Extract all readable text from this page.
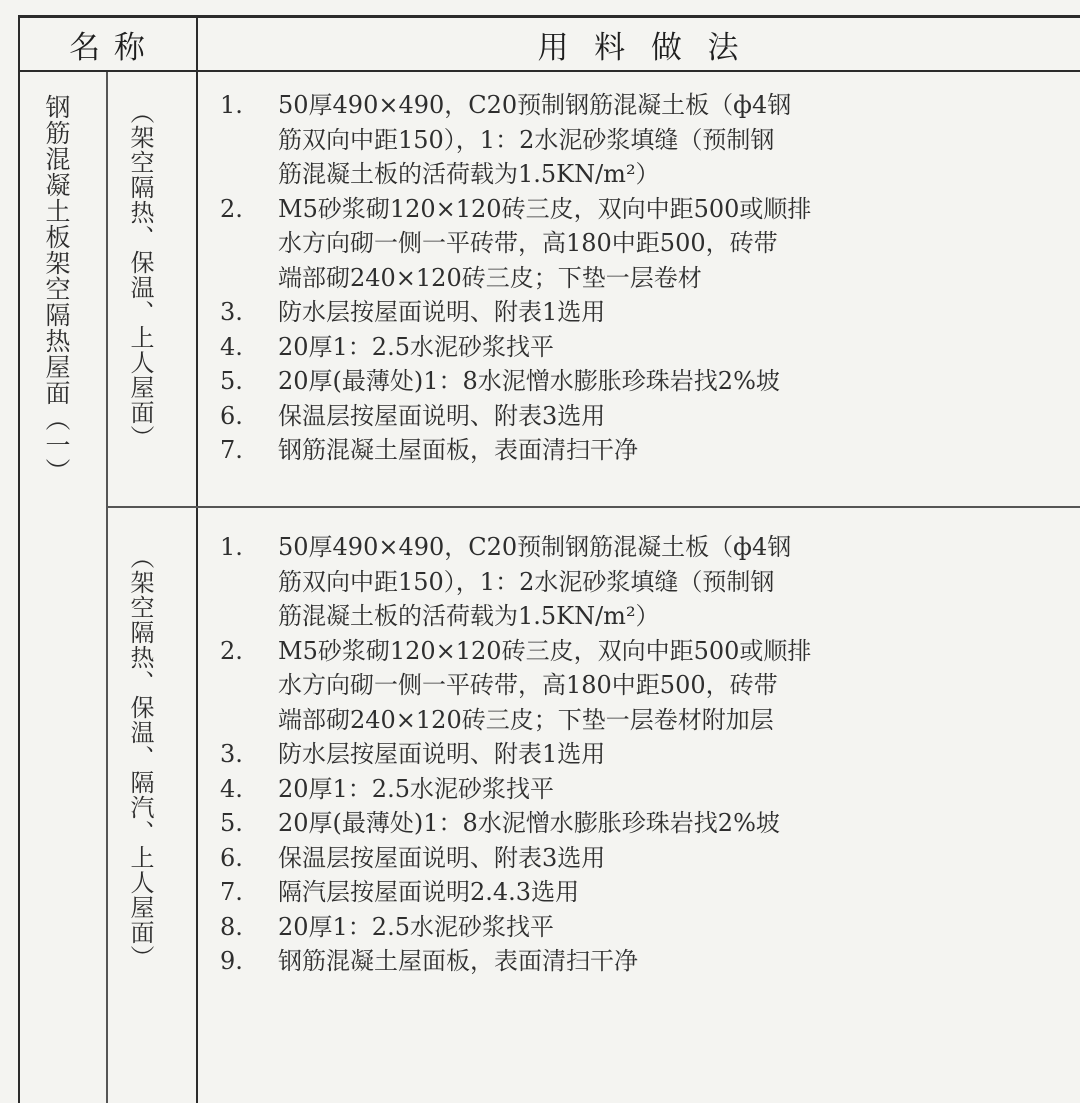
名 称	用  料  做  法
钢筋混凝土板架空隔热屋面（一） （架空隔热、保温、上人屋面）	1.	50厚490×490，C20预制钢筋混凝土板（ф4钢
筋双向中距150），1：2水泥砂浆填缝（预制钢
筋混凝土板的活荷载为1.5KN/m²）
2.	M5砂浆砌120×120砖三皮，双向中距500或顺排
水方向砌一侧一平砖带，高180中距500，砖带
端部砌240×120砖三皮；下垫一层卷材
3.	防水层按屋面说明、附表1选用
4.	20厚1：2.5水泥砂浆找平
5.	20厚(最薄处)1：8水泥憎水膨胀珍珠岩找2%坡
6.	保温层按屋面说明、附表3选用
7.	钢筋混凝土屋面板，表面清扫干净
（架空隔热、保温、隔汽、上人屋面）	1.	50厚490×490，C20预制钢筋混凝土板（ф4钢
筋双向中距150），1：2水泥砂浆填缝（预制钢
筋混凝土板的活荷载为1.5KN/m²）
2.	M5砂浆砌120×120砖三皮，双向中距500或顺排
水方向砌一侧一平砖带，高180中距500，砖带
端部砌240×120砖三皮；下垫一层卷材附加层
3.	防水层按屋面说明、附表1选用
4.	20厚1：2.5水泥砂浆找平
5.	20厚(最薄处)1：8水泥憎水膨胀珍珠岩找2%坡
6.	保温层按屋面说明、附表3选用
7.	隔汽层按屋面说明2.4.3选用
8.	20厚1：2.5水泥砂浆找平
9.	钢筋混凝土屋面板，表面清扫干净
